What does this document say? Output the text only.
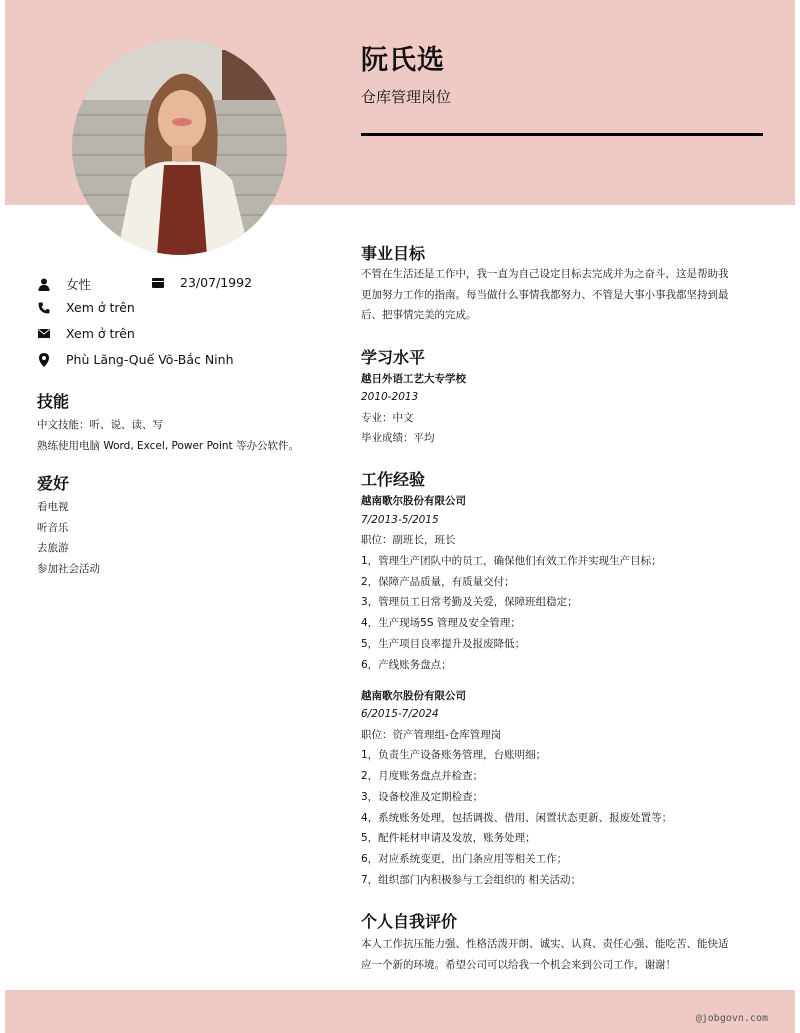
@jobgovn.com
阮氏选
仓库管理岗位
女性	23/07/1992
Xem ở trên
Xem ở trên
Phù Lãng-Quế Võ-Bắc Ninh
技能
中文技能：听、说、读、写
熟练使用电脑 Word, Excel, Power Point 等办公软件。
爱好
看电视
听音乐
去旅游
参加社会活动
事业目标
不管在生活还是工作中，我一直为自己设定目标去完成并为之奋斗，这是帮助我
更加努力工作的指南。每当做什么事情我都努力、不管是大事小事我都坚持到最
后、把事情完美的完成。
学习水平
越日外语工艺大专学校
2010-2013
专业：中文
毕业成绩：平均
工作经验
越南歌尔股份有限公司
7/2013-5/2015
职位：副班长，班长
1，管理生产团队中的员工，确保他们有效工作并实现生产目标；
2，保障产品质量，有质量交付；
3，管理员工日常考勤及关爱，保障班组稳定；
4，生产现场5S 管理及安全管理；
5，生产项目良率提升及报废降低；
6，产线账务盘点；
越南歌尔股份有限公司
6/2015-7/2024
职位：资产管理组-仓库管理岗
1，负责生产设备账务管理，台账明细；
2，月度账务盘点并检查；
3，设备校准及定期检查；
4，系统账务处理，包括调拨、借用、闲置状态更新、报废处置等；
5，配件耗材申请及发放，账务处理；
6，对应系统变更，出门条应用等相关工作；
7，组织部门内积极参与工会组织的 相关活动；
个人自我评价
本人工作抗压能力强、性格活泼开朗、诚实、认真、责任心强、能吃苦、能快适
应一个新的环境。希望公司可以给我一个机会来到公司工作，谢谢！
